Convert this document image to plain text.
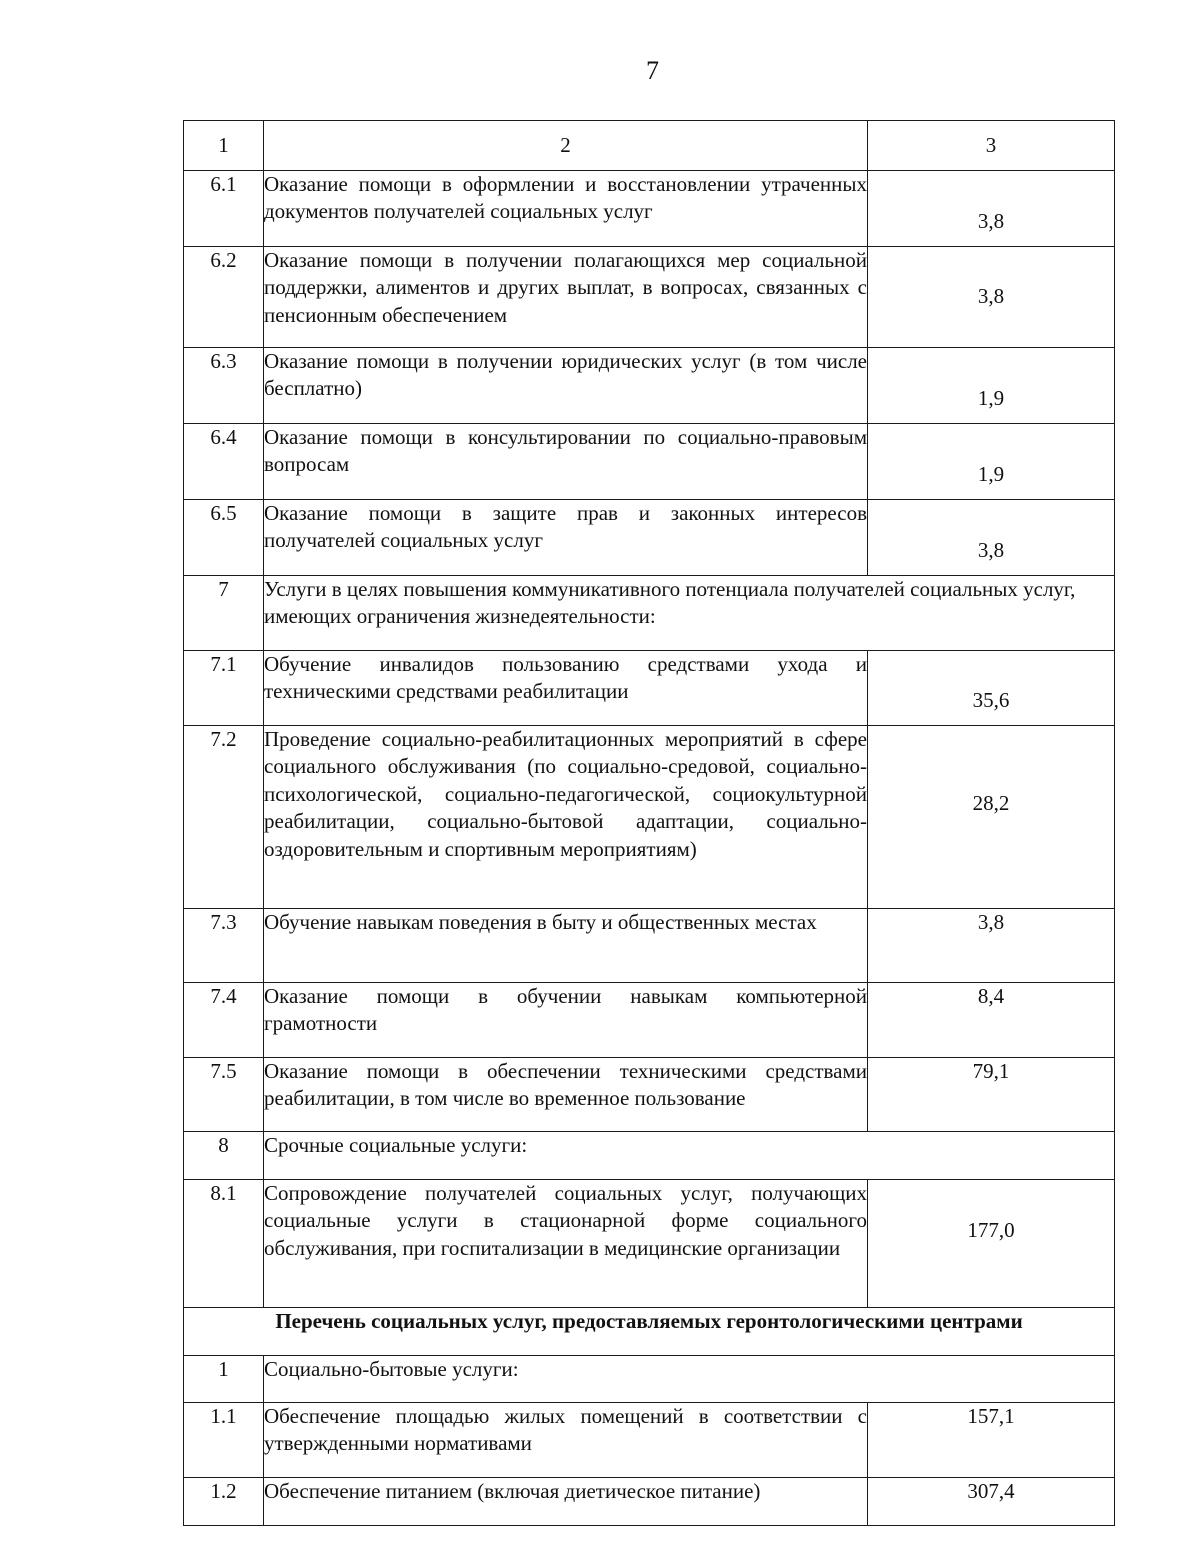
7
1	2	3
6.1	Оказание помощи в оформлении и восстановлении утраченных документов получателей социальных услуг	3,8
6.2	Оказание помощи в получении полагающихся мер социальной поддержки, алиментов и других выплат, в вопросах, связанных с пенсионным обеспечением	3,8
6.3	Оказание помощи в получении юридических услуг (в том числе бесплатно)	1,9
6.4	Оказание помощи в консультировании по социально-правовым вопросам	1,9
6.5	Оказание помощи в защите прав и законных интересов получателей социальных услуг	3,8
7	Услуги в целях повышения коммуникативного потенциала получателей социальных услуг, имеющих ограничения жизнедеятельности:	
7.1	Обучение инвалидов пользованию средствами ухода и техническими средствами реабилитации	35,6
7.2	Проведение социально-реабилитационных мероприятий в сфере социального обслуживания (по социально-средовой, социально-психологической, социально-педагогической, социокультурной реабилитации, социально-бытовой адаптации, социально-оздоровительным и спортивным мероприятиям)	28,2
7.3	Обучение навыкам поведения в быту и общественных местах	3,8
7.4	Оказание помощи в обучении навыкам компьютерной грамотности	8,4
7.5	Оказание помощи в обеспечении техническими средствами реабилитации, в том числе во временное пользование	79,1
8	Срочные социальные услуги:	
8.1	Сопровождение получателей социальных услуг, получающих социальные услуги в стационарной форме социального обслуживания, при госпитализации в медицинские организации	177,0
Перечень социальных услуг, предоставляемых геронтологическими центрами		
1	Социально-бытовые услуги:	
1.1	Обеспечение площадью жилых помещений в соответствии с утвержденными нормативами	157,1
1.2	Обеспечение питанием (включая диетическое питание)	307,4
